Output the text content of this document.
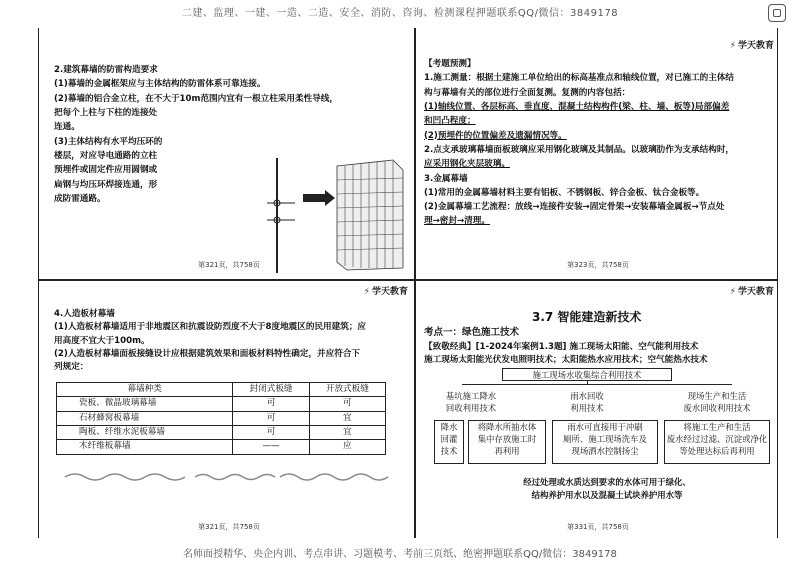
二建、监理、一建、一造、二造、安全、消防、咨询、检测课程押题联系QQ/微信：3849178

2.建筑幕墙的防雷构造要求

(1)幕墙的金属框架应与主体结构的防雷体系可靠连接。

(2)幕墙的铝合金立柱，在不大于10m范围内宜有一根立柱采用柔性导线，

把每个上柱与下柱的连接处

连通。

(3)主体结构有水平均压环的

楼层，对应导电通路的立柱

预埋件或固定件应用圆钢或

扁钢与均压环焊接连通，形

成防雷通路。

第321页，共758页
⚡ 学天教育

【考题预测】

1.施工测量：根据土建施工单位给出的标高基准点和轴线位置，对已施工的主体结

构与幕墙有关的部位进行全面复测。复测的内容包括：

(1)轴线位置、各层标高、垂直度、混凝土结构构件(梁、柱、墙、板等)局部偏差

和凹凸程度；

(2)预埋件的位置偏差及遗漏情况等。

2.点支承玻璃幕墙面板玻璃应采用钢化玻璃及其制品。以玻璃肋作为支承结构时，

应采用钢化夹层玻璃。

3.金属幕墙

(1)常用的金属幕墙材料主要有铝板、不锈钢板、锌合金板、钛合金板等。

(2)金属幕墙工艺流程：放线→连接件安装→固定骨架→安装幕墙金属板→节点处

理→密封→清理。

第323页，共758页
⚡ 学天教育

4.人造板材幕墙

(1)人造板材幕墙适用于非地震区和抗震设防烈度不大于8度地震区的民用建筑；应

用高度不宜大于100m。

(2)人造板材幕墙面板接缝设计应根据建筑效果和面板材料特性确定，并应符合下

列规定：

幕墙种类	封闭式板缝	开放式板缝
瓷板、微晶玻璃幕墙	可	可
石材蜂窝板幕墙	可	宜
陶板、纤维水泥板幕墙	可	宜
木纤维板幕墙	——	应
第321页，共758页
⚡ 学天教育
3.7 智能建造新技术

考点一：绿色施工技术

【致敬经典】[1-2024年案例1.3题] 施工现场太阳能、空气能利用技术

施工现场太阳能光伏发电照明技术；太阳能热水应用技术；空气能热水技术

施工现场水收集综合利用技术
基坑施工降水
回收利用技术
雨水回收
利用技术
现场生产和生活
废水回收利用技术
降水
回灌
技术
将降水所抽水体
集中存放施工时
再利用
雨水可直接用于冲刷
厕所、施工现场洗车及
现场洒水控制扬尘
将施工生产和生活
废水经过过滤、沉淀或净化
等处理达标后再利用
经过处理或水质达到要求的水体可用于绿化、
结构养护用水以及混凝土试块养护用水等
第331页，共758页
名师面授精华、央企内训、考点串讲、习题模考、考前三页纸、绝密押题联系QQ/微信：3849178
